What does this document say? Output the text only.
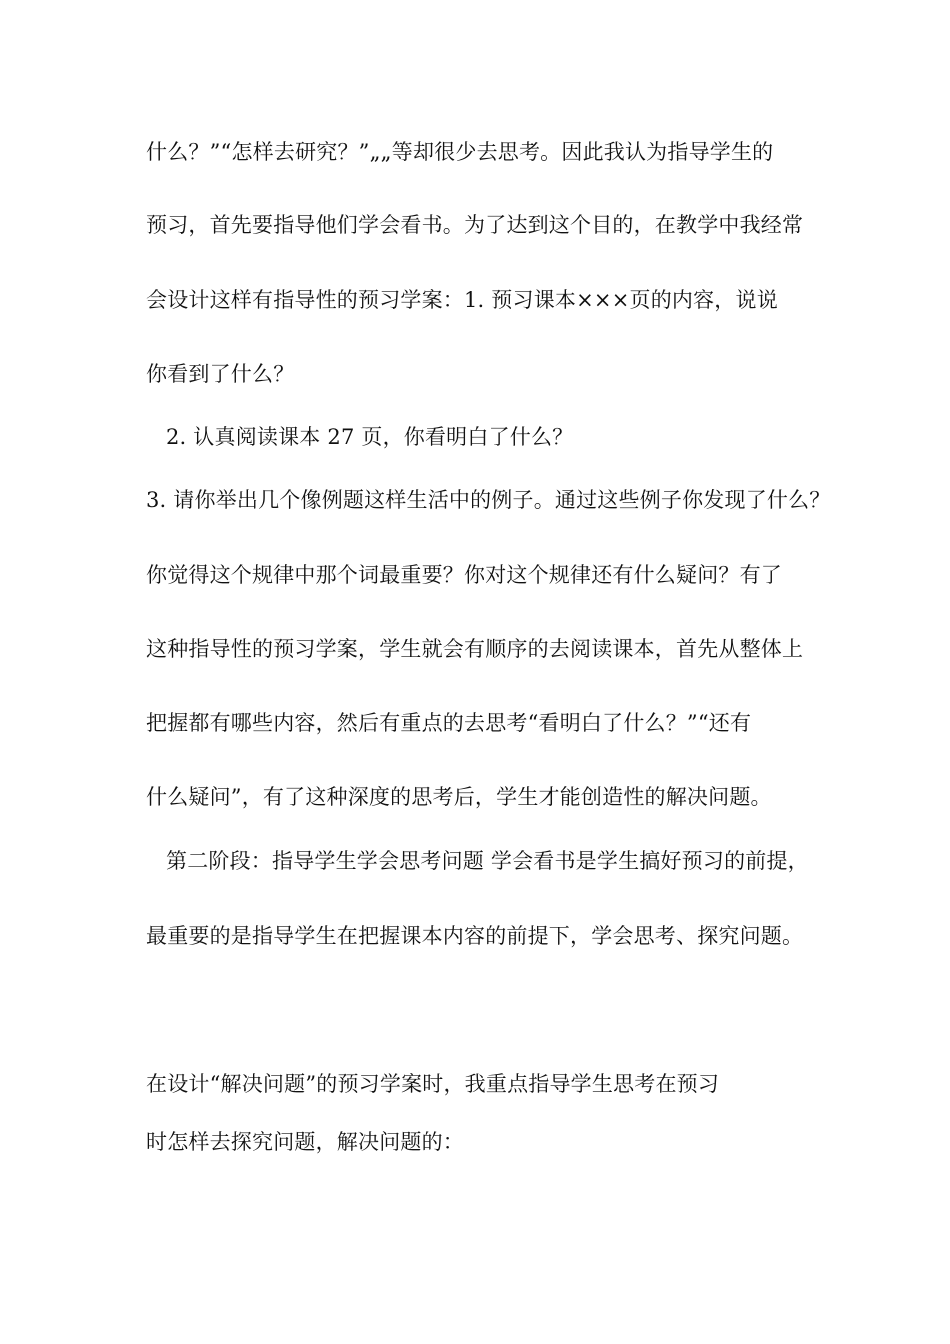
什么？”“怎样去研究？”„„等却很少去思考。因此我认为指导学生的
预习，首先要指导他们学会看书。为了达到这个目的，在教学中我经常
会设计这样有指导性的预习学案：1. 预习课本×××页的内容，说说
你看到了什么？
2. 认真阅读课本 27 页，你看明白了什么？
3. 请你举出几个像例题这样生活中的例子。通过这些例子你发现了什么？
你觉得这个规律中那个词最重要？你对这个规律还有什么疑问？有了
这种指导性的预习学案，学生就会有顺序的去阅读课本，首先从整体上
把握都有哪些内容，然后有重点的去思考“看明白了什么？”“还有
什么疑问”，有了这种深度的思考后，学生才能创造性的解决问题。
第二阶段：指导学生学会思考问题 学会看书是学生搞好预习的前提，
最重要的是指导学生在把握课本内容的前提下，学会思考、探究问题。
在设计“解决问题”的预习学案时，我重点指导学生思考在预习
时怎样去探究问题，解决问题的：
